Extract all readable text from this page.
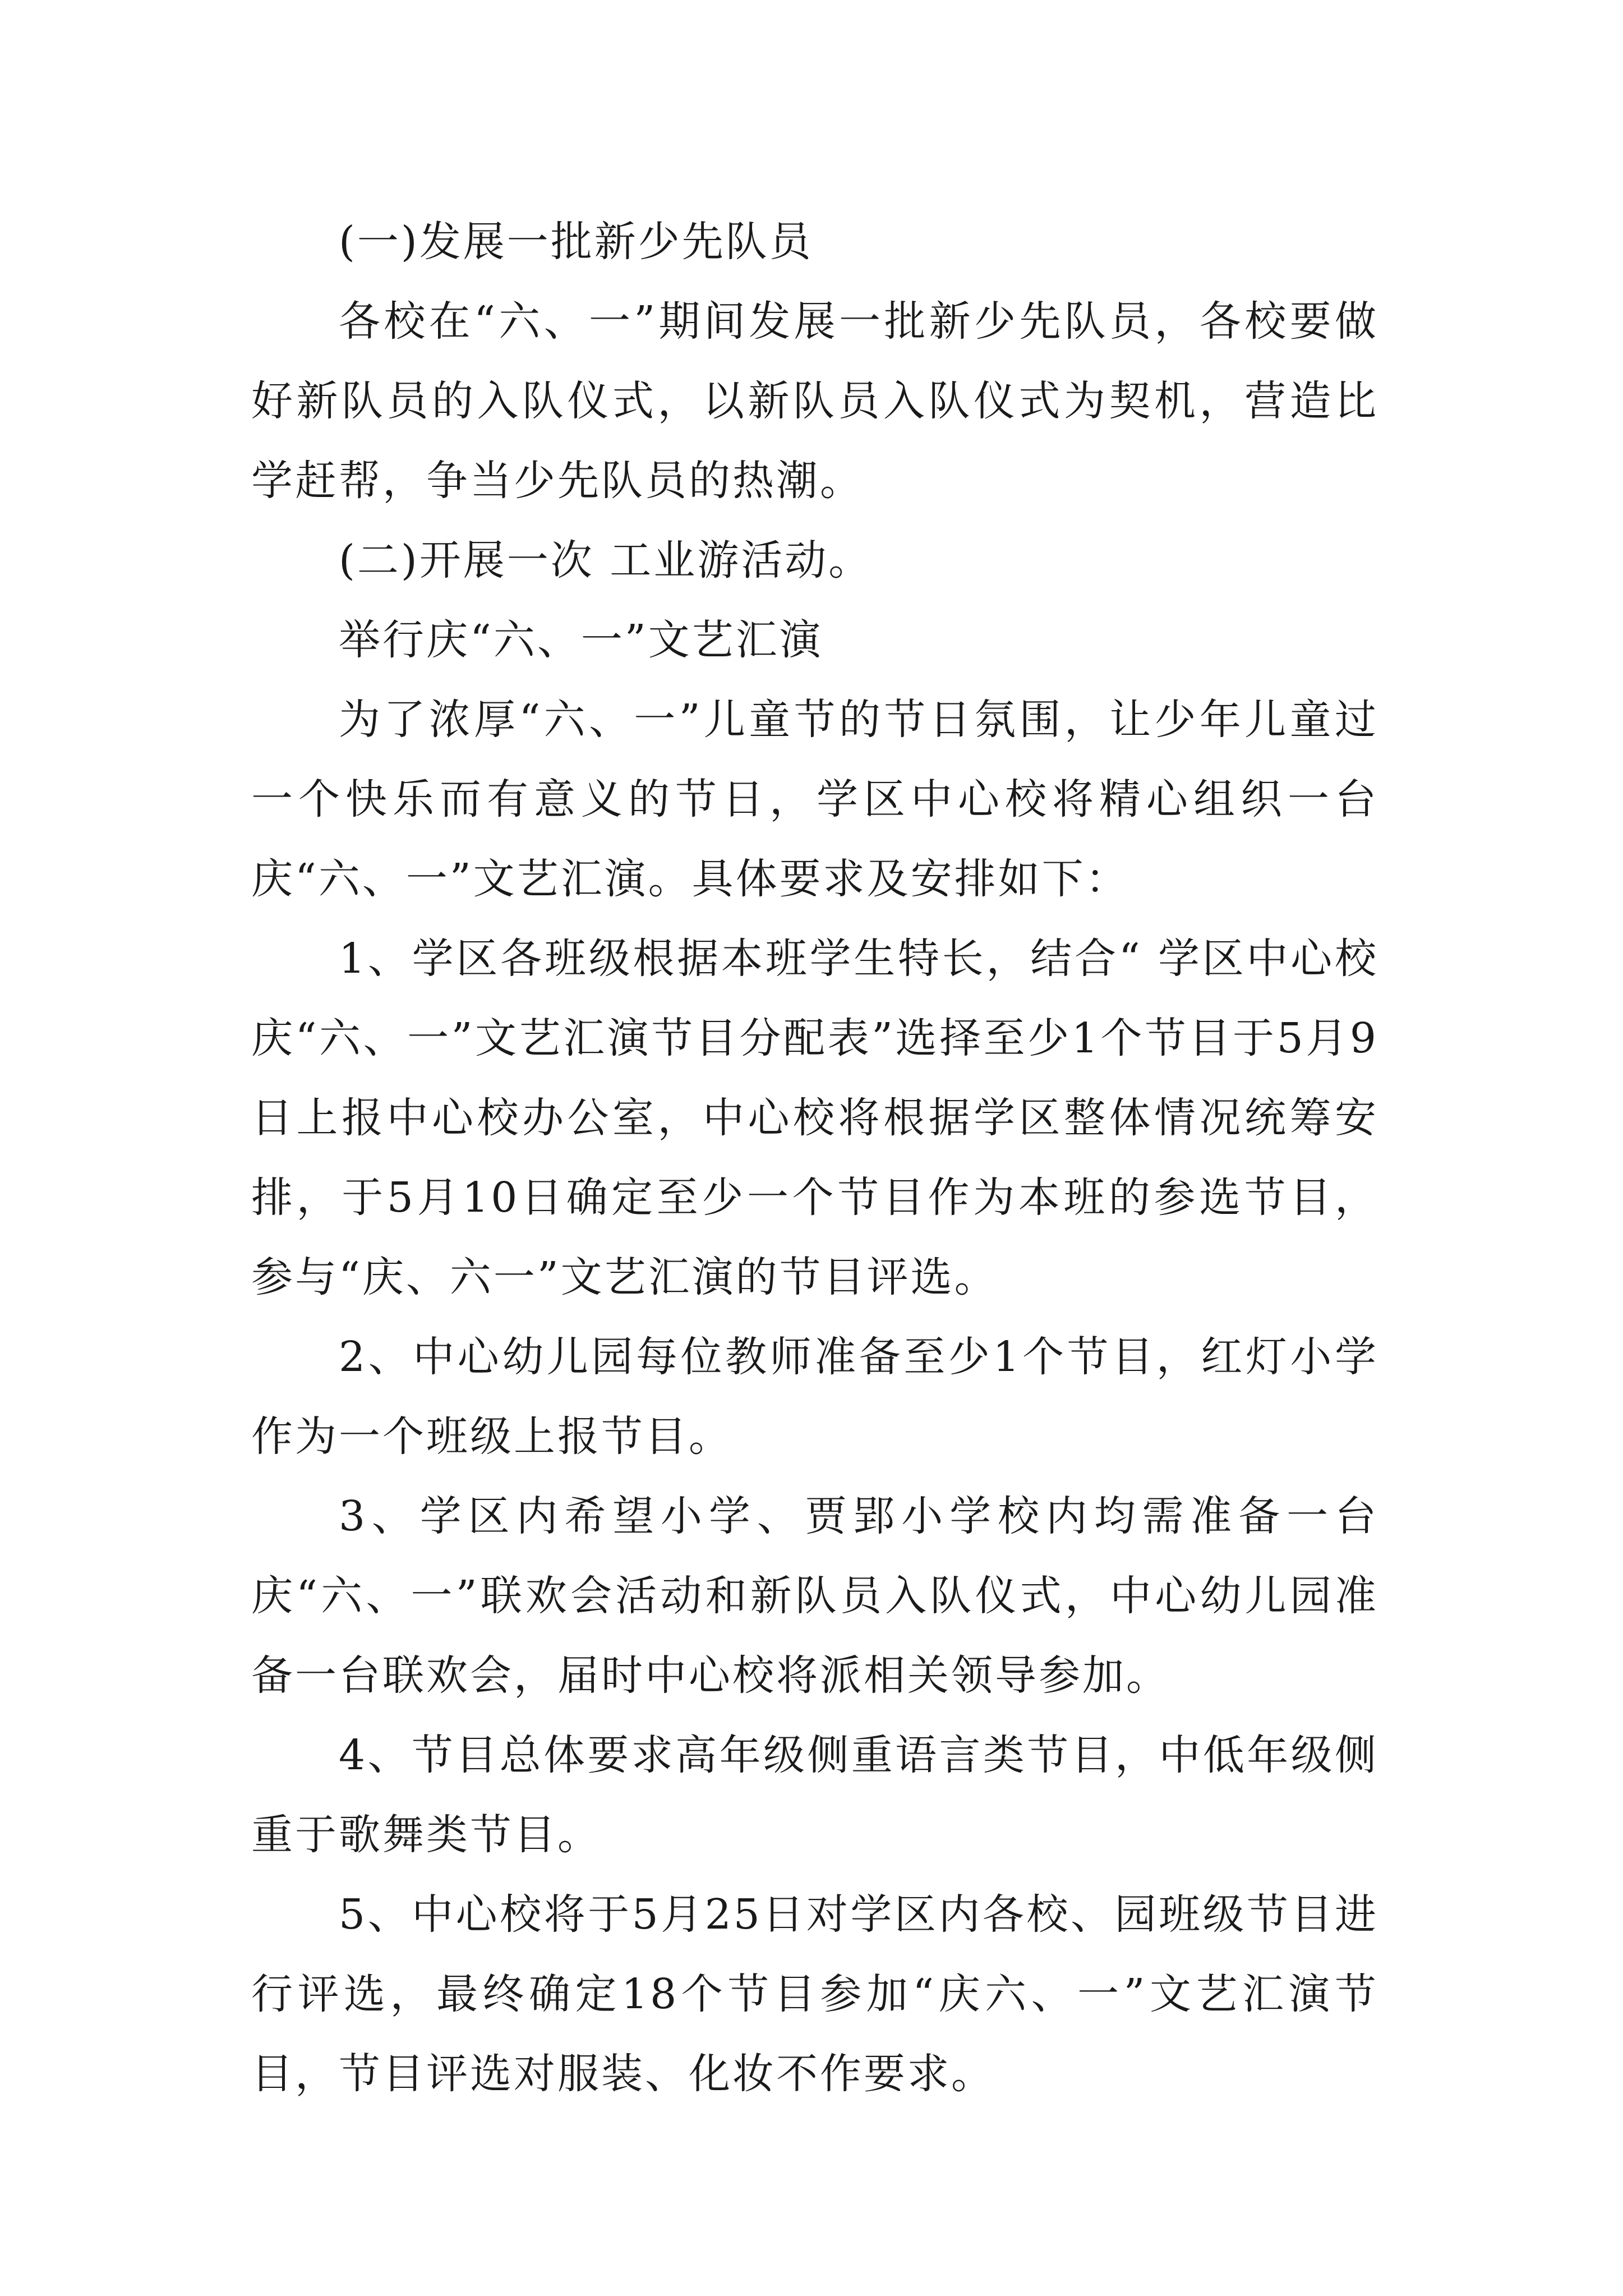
(一)发展一批新少先队员

各校在“六、一”期间发展一批新少先队员，各校要做好新队员的入队仪式，以新队员入队仪式为契机，营造比学赶帮，争当少先队员的热潮。

(二)开展一次 工业游活动。

举行庆“六、一”文艺汇演

为了浓厚“六、一”儿童节的节日氛围，让少年儿童过一个快乐而有意义的节日，学区中心校将精心组织一台庆“六、一”文艺汇演。具体要求及安排如下：

1、学区各班级根据本班学生特长，结合“ 学区中心校庆“六、一”文艺汇演节目分配表”选择至少1个节目于5月9日上报中心校办公室，中心校将根据学区整体情况统筹安排，于5月10日确定至少一个节目作为本班的参选节目，参与“庆、六一”文艺汇演的节目评选。

2、中心幼儿园每位教师准备至少1个节目，红灯小学作为一个班级上报节目。

3、学区内希望小学、贾郢小学校内均需准备一台庆“六、一”联欢会活动和新队员入队仪式，中心幼儿园准备一台联欢会，届时中心校将派相关领导参加。

4、节目总体要求高年级侧重语言类节目，中低年级侧重于歌舞类节目。

5、中心校将于5月25日对学区内各校、园班级节目进行评选，最终确定18个节目参加“庆六、一”文艺汇演节目，节目评选对服装、化妆不作要求。
